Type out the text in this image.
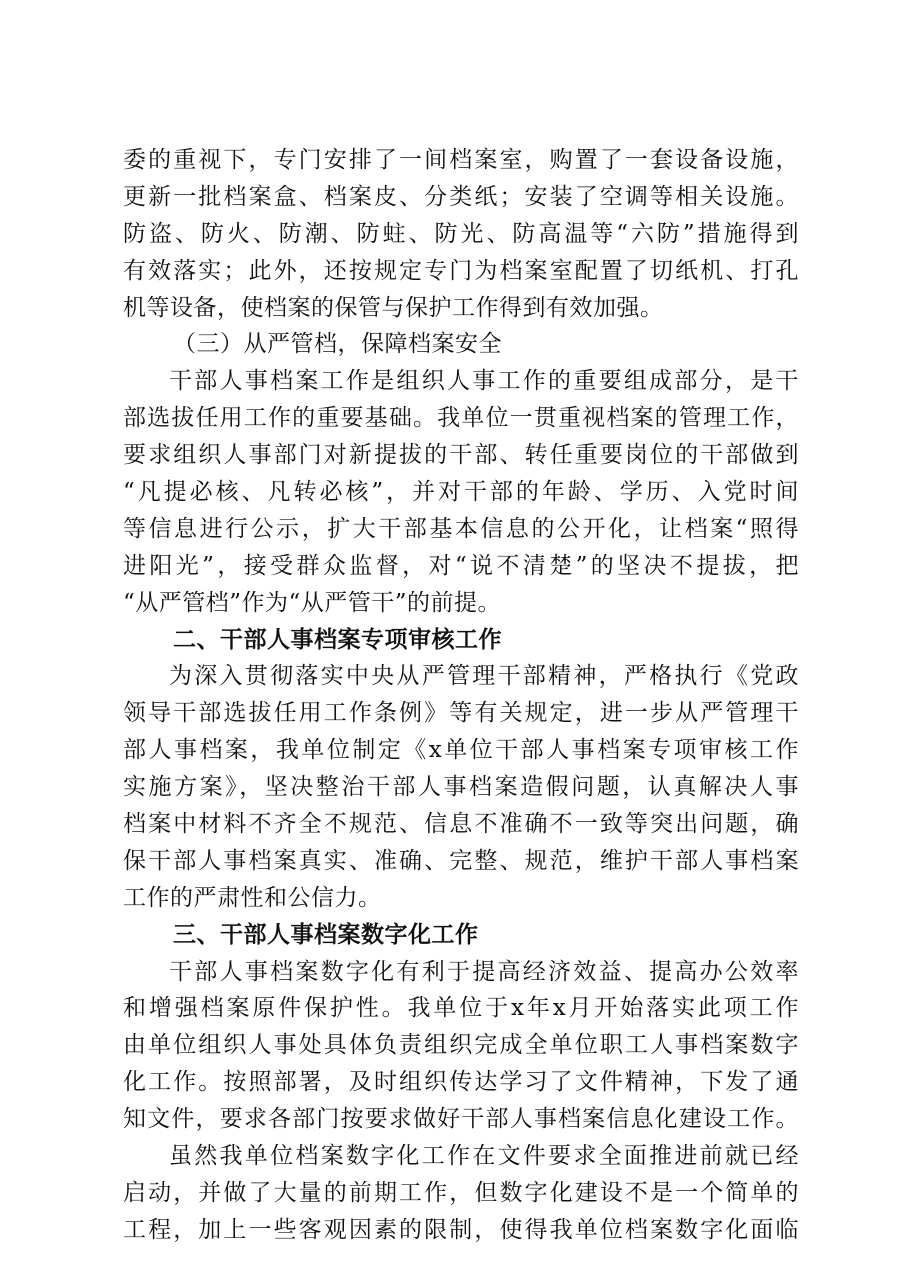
委的重视下，专门安排了一间档案室，购置了一套设备设施，
更新一批档案盒、档案皮、分类纸；安装了空调等相关设施。
防盗、防火、防潮、防蛀、防光、防高温等“六防”措施得到
有效落实；此外，还按规定专门为档案室配置了切纸机、打孔
机等设备，使档案的保管与保护工作得到有效加强。
（三）从严管档，保障档案安全
干部人事档案工作是组织人事工作的重要组成部分，是干
部选拔任用工作的重要基础。我单位一贯重视档案的管理工作，
要求组织人事部门对新提拔的干部、转任重要岗位的干部做到
“凡提必核、凡转必核”，并对干部的年龄、学历、入党时间
等信息进行公示，扩大干部基本信息的公开化，让档案“照得
进阳光”，接受群众监督，对“说不清楚”的坚决不提拔，把
“从严管档”作为“从严管干”的前提。
二、干部人事档案专项审核工作
为深入贯彻落实中央从严管理干部精神，严格执行《党政
领导干部选拔任用工作条例》等有关规定，进一步从严管理干
部人事档案，我单位制定《x单位干部人事档案专项审核工作
实施方案》，坚决整治干部人事档案造假问题，认真解决人事
档案中材料不齐全不规范、信息不准确不一致等突出问题，确
保干部人事档案真实、准确、完整、规范，维护干部人事档案
工作的严肃性和公信力。
三、干部人事档案数字化工作
干部人事档案数字化有利于提高经济效益、提高办公效率
和增强档案原件保护性。我单位于x年x月开始落实此项工作
由单位组织人事处具体负责组织完成全单位职工人事档案数字
化工作。按照部署，及时组织传达学习了文件精神，下发了通
知文件，要求各部门按要求做好干部人事档案信息化建设工作。
虽然我单位档案数字化工作在文件要求全面推进前就已经
启动，并做了大量的前期工作，但数字化建设不是一个简单的
工程，加上一些客观因素的限制，使得我单位档案数字化面临
